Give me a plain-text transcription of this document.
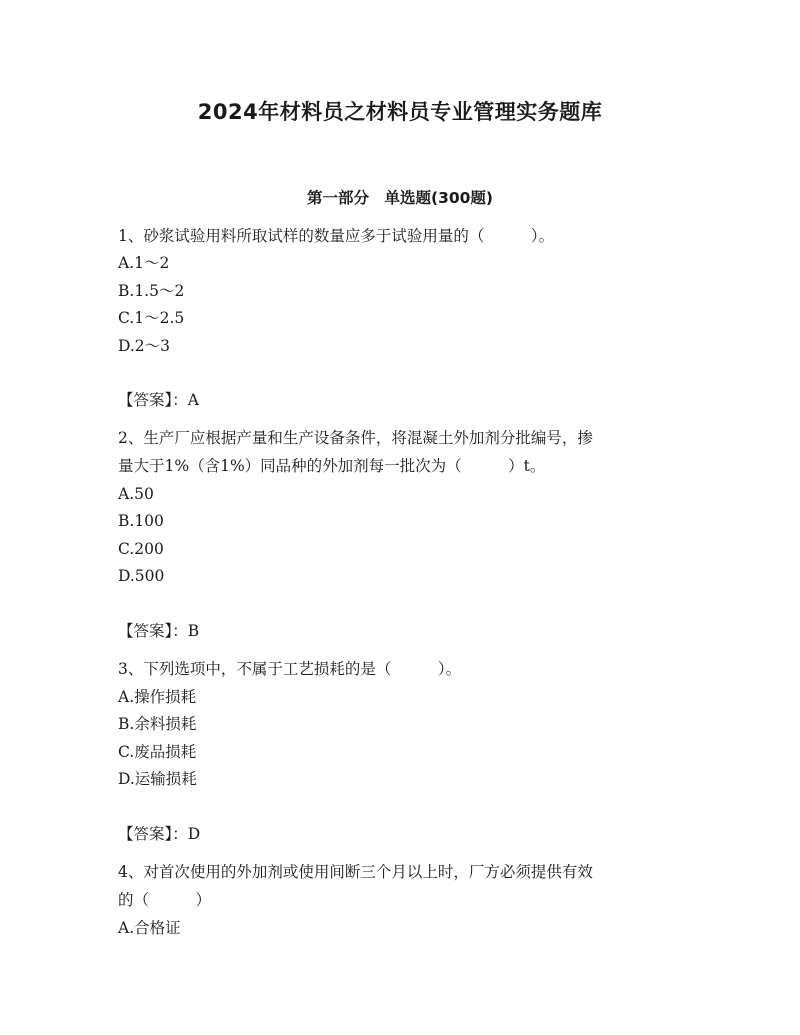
2024年材料员之材料员专业管理实务题库
第一部分　单选题(300题)
1、砂浆试验用料所取试样的数量应多于试验用量的（　　　）。
A.1～2
B.1.5～2
C.1～2.5
D.2～3
【答案】：A
2、生产厂应根据产量和生产设备条件，将混凝土外加剂分批编号，掺
量大于1%（含1%）同品种的外加剂每一批次为（　　　）t。
A.50
B.100
C.200
D.500
【答案】：B
3、下列选项中，不属于工艺损耗的是（　　　）。
A.操作损耗
B.余料损耗
C.废品损耗
D.运输损耗
【答案】：D
4、对首次使用的外加剂或使用间断三个月以上时，厂方必须提供有效
的（　　　）
A.合格证
